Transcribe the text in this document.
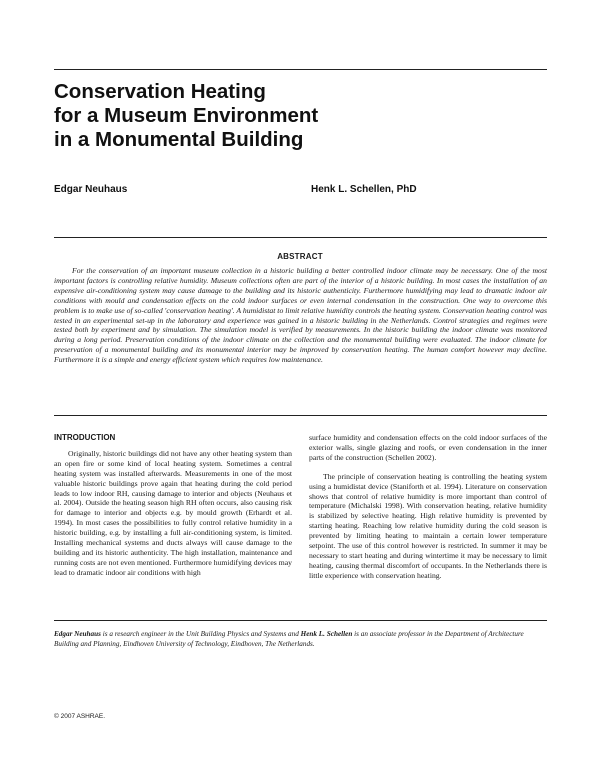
Conservation Heating
for a Museum Environment
in a Monumental Building
Edgar Neuhaus	Henk L. Schellen, PhD
ABSTRACT

For the conservation of an important museum collection in a historic building a better controlled indoor climate may be necessary. One of the most important factors is controlling relative humidity. Museum collections often are part of the interior of a historic building. In most cases the installation of an expensive air-conditioning system may cause damage to the building and its historic authenticity. Furthermore humidifying may lead to dramatic indoor air conditions with mould and condensation effects on the cold indoor surfaces or even internal condensation in the construction. One way to overcome this problem is to make use of so-called 'conservation heating'. A humidistat to limit relative humidity controls the heating system. Conservation heating control was tested in an experimental set-up in the laboratory and experience was gained in a historic building in the Netherlands. Control strategies and regimes were tested both by experiment and by simulation. The simulation model is verified by measurements. In the historic building the indoor climate was monitored during a long period. Preservation conditions of the indoor climate on the collection and the monumental building were evaluated. The indoor climate for preservation of a monumental building and its monumental interior may be improved by conservation heating. The human comfort however may decline. Furthermore it is a simple and energy efficient system which requires low maintenance.

INTRODUCTION

Originally, historic buildings did not have any other heating system than an open fire or some kind of local heating system. Sometimes a central heating system was installed afterwards. Measurements in one of the most valuable historic buildings prove again that heating during the cold period leads to low indoor RH, causing damage to interior and objects (Neuhaus et al. 2004). Outside the heating season high RH often occurs, also causing risk for damage to interior and objects e.g. by mould growth (Erhardt et al. 1994). In most cases the possibilities to fully control relative humidity in a historic building, e.g. by installing a full air-conditioning system, is limited. Installing mechanical systems and ducts always will cause damage to the building and its historic authenticity. The high installation, maintenance and running costs are not even mentioned. Furthermore humidifying devices may lead to dramatic indoor air conditions with high

surface humidity and condensation effects on the cold indoor surfaces of the exterior walls, single glazing and roofs, or even condensation in the inner parts of the construction (Schellen 2002).

The principle of conservation heating is controlling the heating system using a humidistat device (Staniforth et al. 1994). Literature on conservation shows that control of relative humidity is more important than control of temperature (Michalski 1998). With conservation heating, relative humidity is stabilized by selective heating. High relative humidity is prevented by starting heating. Reaching low relative humidity during the cold season is prevented by limiting heating to maintain a certain lower temperature setpoint. The use of this control however is restricted. In summer it may be necessary to start heating and during wintertime it may be necessary to limit heating, causing thermal discomfort of occupants. In the Netherlands there is little experience with conservation heating.

Edgar Neuhaus is a research engineer in the Unit Building Physics and Systems and Henk L. Schellen is an associate professor in the Department of Architecture Building and Planning, Eindhoven University of Technology, Eindhoven, The Netherlands.

© 2007 ASHRAE.
